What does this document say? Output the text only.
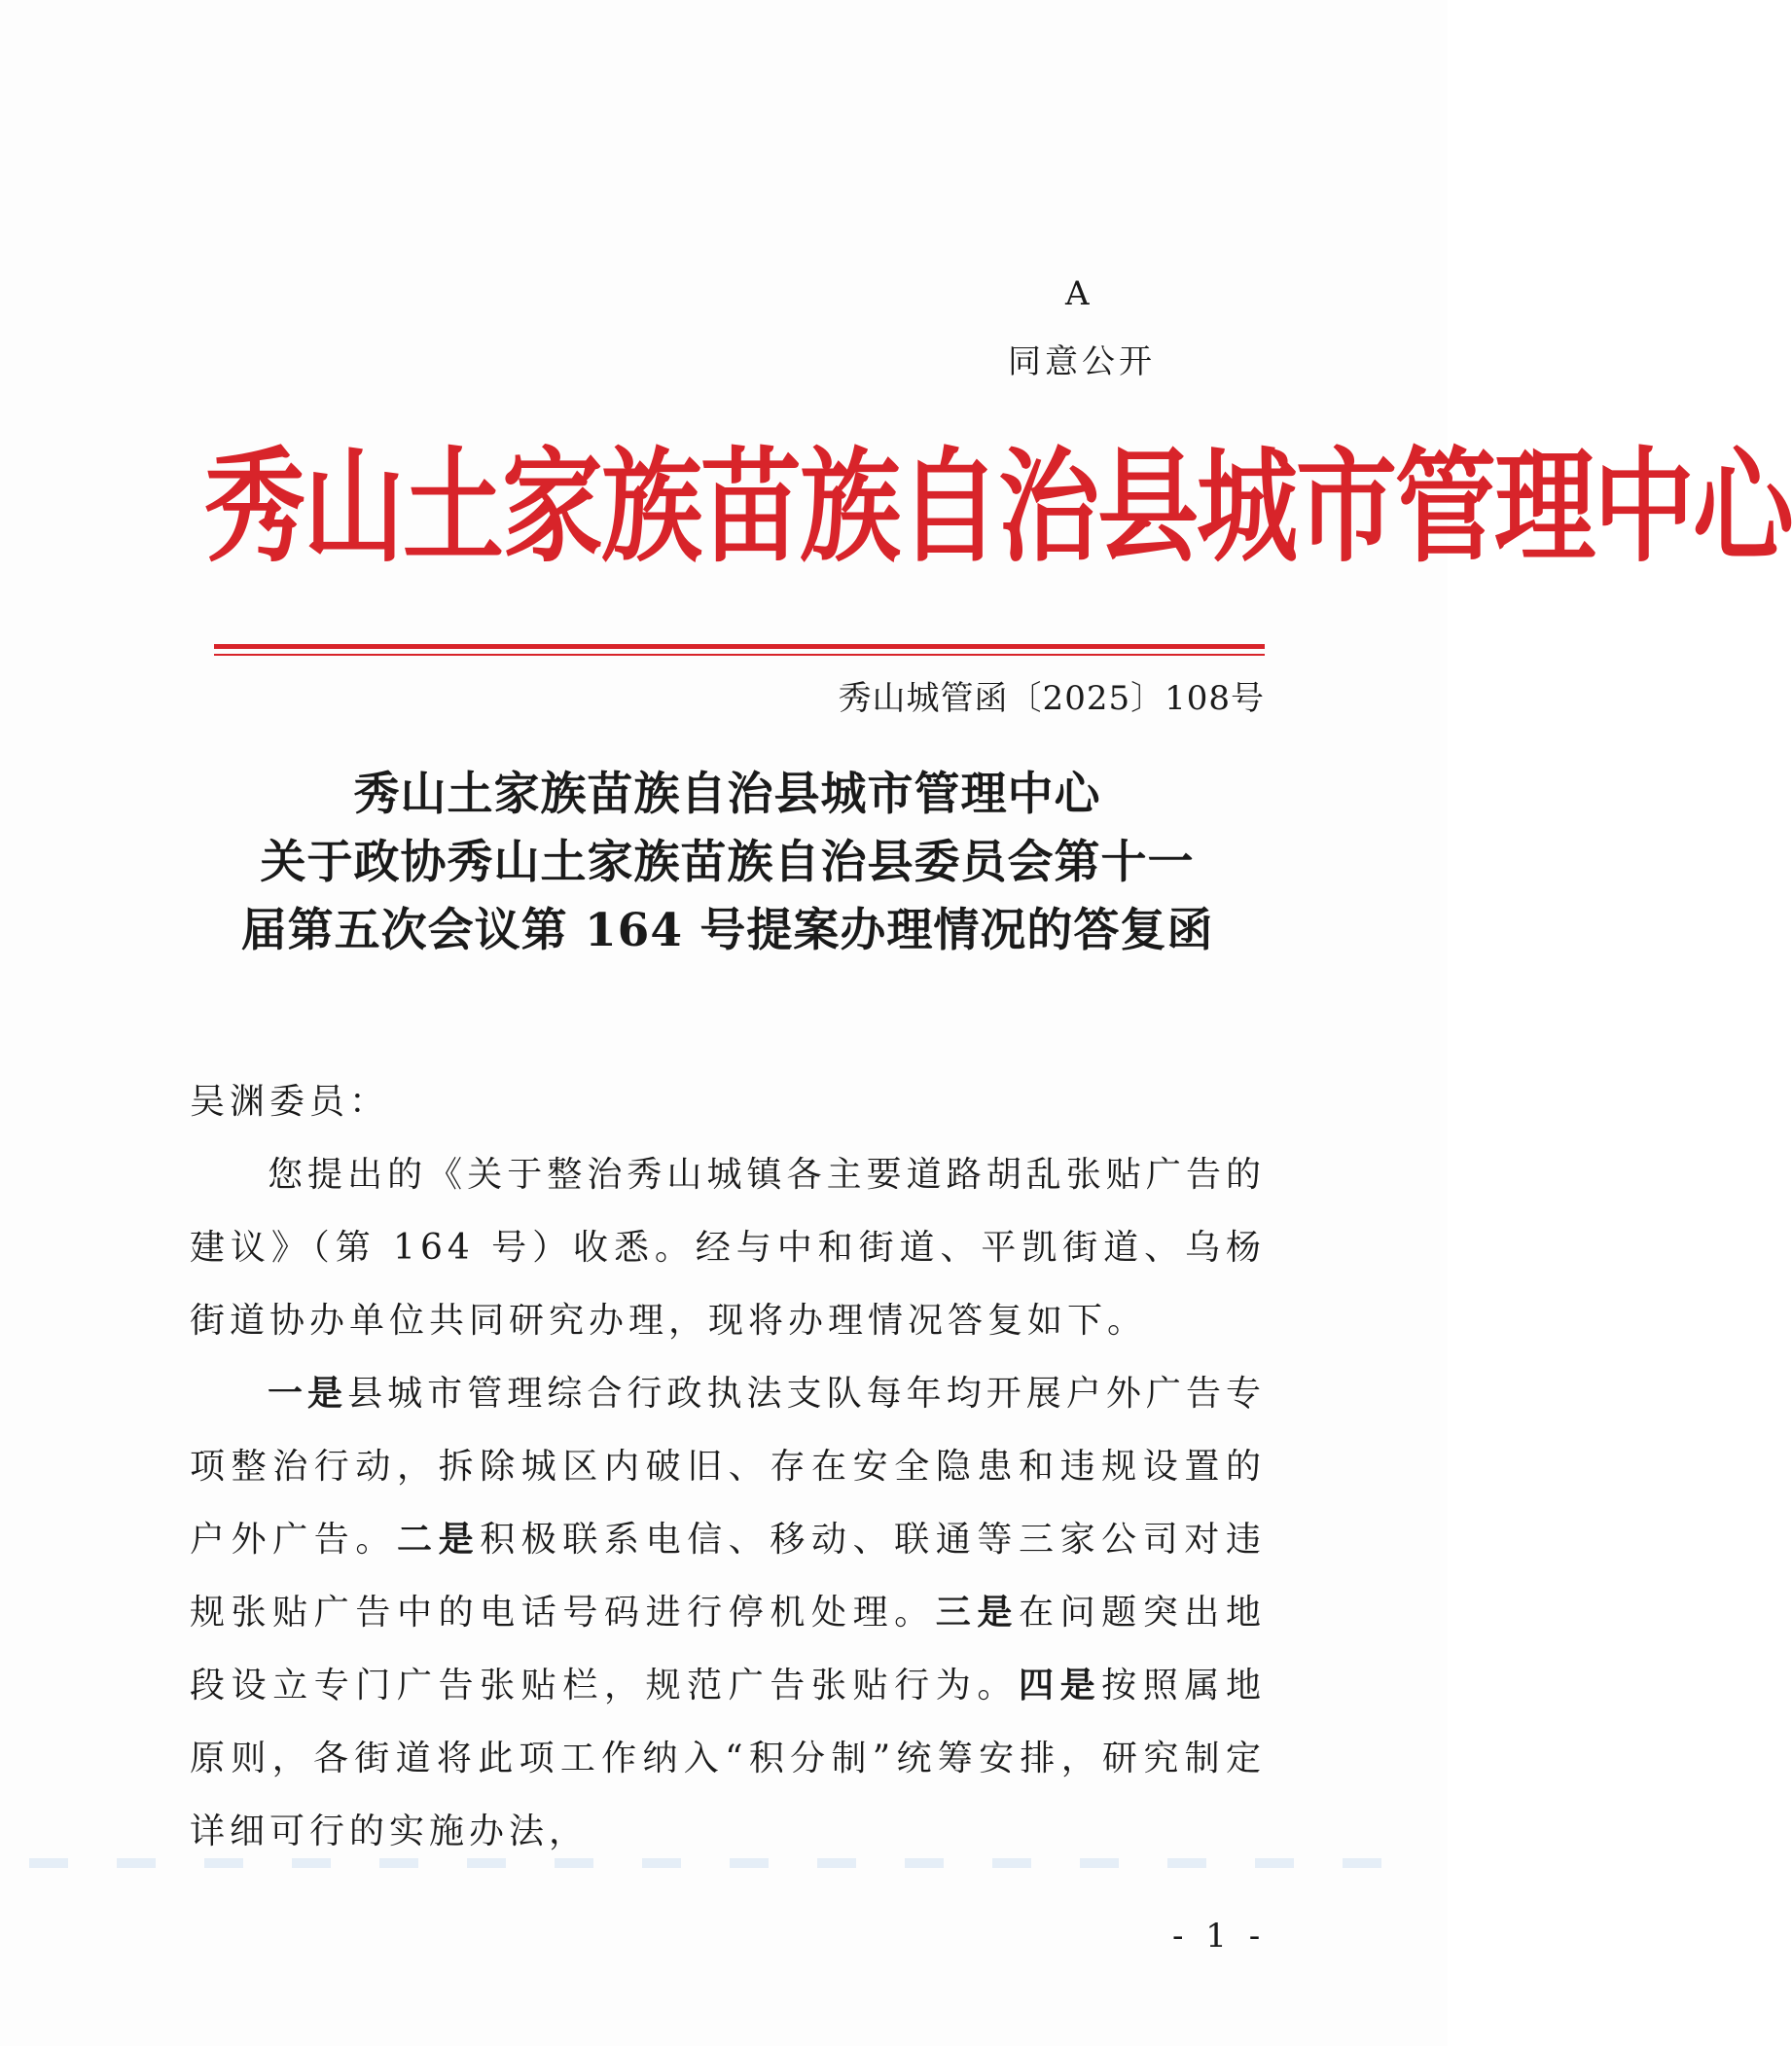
A
同意公开
秀山土家族苗族自治县城市管理中心
秀山城管函〔2025〕108号
秀山土家族苗族自治县城市管理中心
关于政协秀山土家族苗族自治县委员会第十一
届第五次会议第 164 号提案办理情况的答复函

吴渊委员：

您提出的《关于整治秀山城镇各主要道路胡乱张贴广告的建议》（第 164 号）收悉。经与中和街道、平凯街道、乌杨街道协办单位共同研究办理，现将办理情况答复如下。

一是县城市管理综合行政执法支队每年均开展户外广告专项整治行动，拆除城区内破旧、存在安全隐患和违规设置的户外广告。二是积极联系电信、移动、联通等三家公司对违规张贴广告中的电话号码进行停机处理。三是在问题突出地段设立专门广告张贴栏，规范广告张贴行为。四是按照属地原则，各街道将此项工作纳入“积分制”统筹安排，研究制定详细可行的实施办法，

- 1 -
